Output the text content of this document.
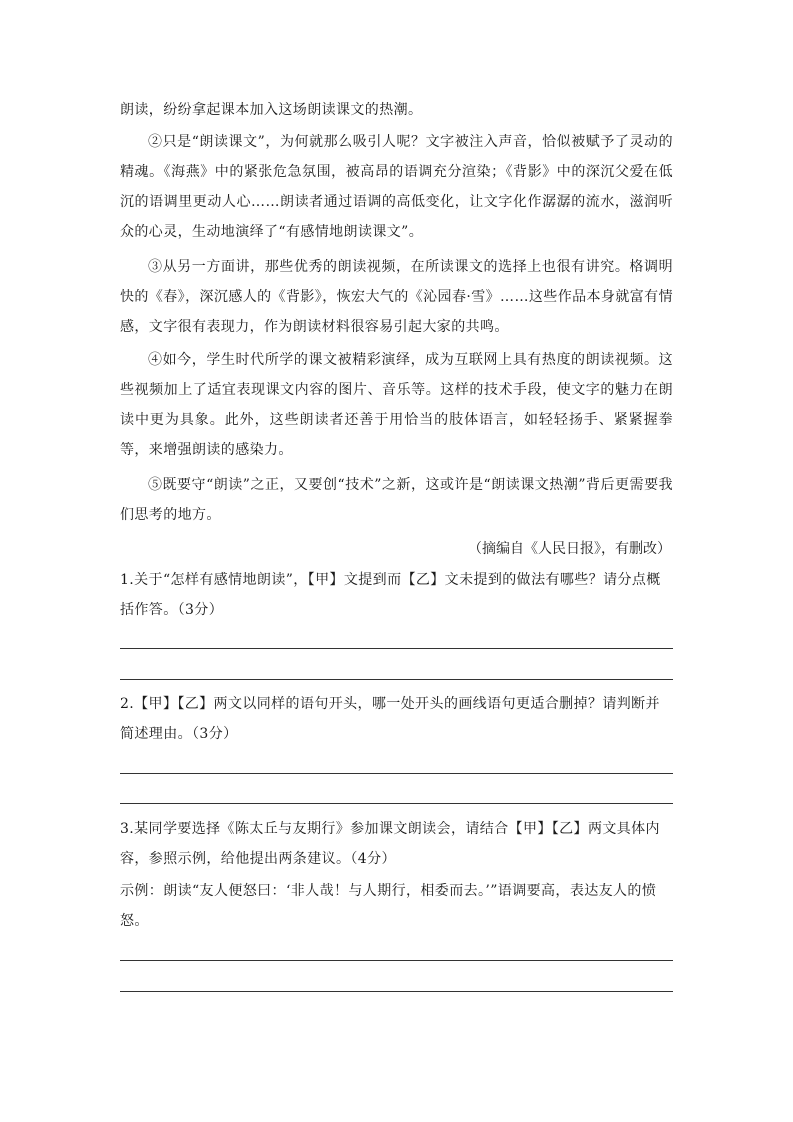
朗读，纷纷拿起课本加入这场朗读课文的热潮。

②只是“朗读课文”，为何就那么吸引人呢？文字被注入声音，恰似被赋予了灵动的精魂。《海燕》中的紧张危急氛围，被高昂的语调充分渲染；《背影》中的深沉父爱在低沉的语调里更动人心……朗读者通过语调的高低变化，让文字化作潺潺的流水，滋润听众的心灵，生动地演绎了“有感情地朗读课文”。

③从另一方面讲，那些优秀的朗读视频，在所读课文的选择上也很有讲究。格调明快的《春》，深沉感人的《背影》，恢宏大气的《沁园春·雪》……这些作品本身就富有情感，文字很有表现力，作为朗读材料很容易引起大家的共鸣。

④如今，学生时代所学的课文被精彩演绎，成为互联网上具有热度的朗读视频。这些视频加上了适宜表现课文内容的图片、音乐等。这样的技术手段，使文字的魅力在朗读中更为具象。此外，这些朗读者还善于用恰当的肢体语言，如轻轻扬手、紧紧握拳等，来增强朗读的感染力。

⑤既要守“朗读”之正，又要创“技术”之新，这或许是“朗读课文热潮”背后更需要我们思考的地方。

（摘编自《人民日报》，有删改）

1.关于“怎样有感情地朗读”，【甲】文提到而【乙】文未提到的做法有哪些？请分点概括作答。（3分）

2.【甲】【乙】两文以同样的语句开头，哪一处开头的画线语句更适合删掉？请判断并简述理由。（3分）

3.某同学要选择《陈太丘与友期行》参加课文朗读会，请结合【甲】【乙】两文具体内容，参照示例，给他提出两条建议。（4分）

示例：朗读“友人便怒曰：‘非人哉！与人期行，相委而去。’”语调要高，表达友人的愤怒。
